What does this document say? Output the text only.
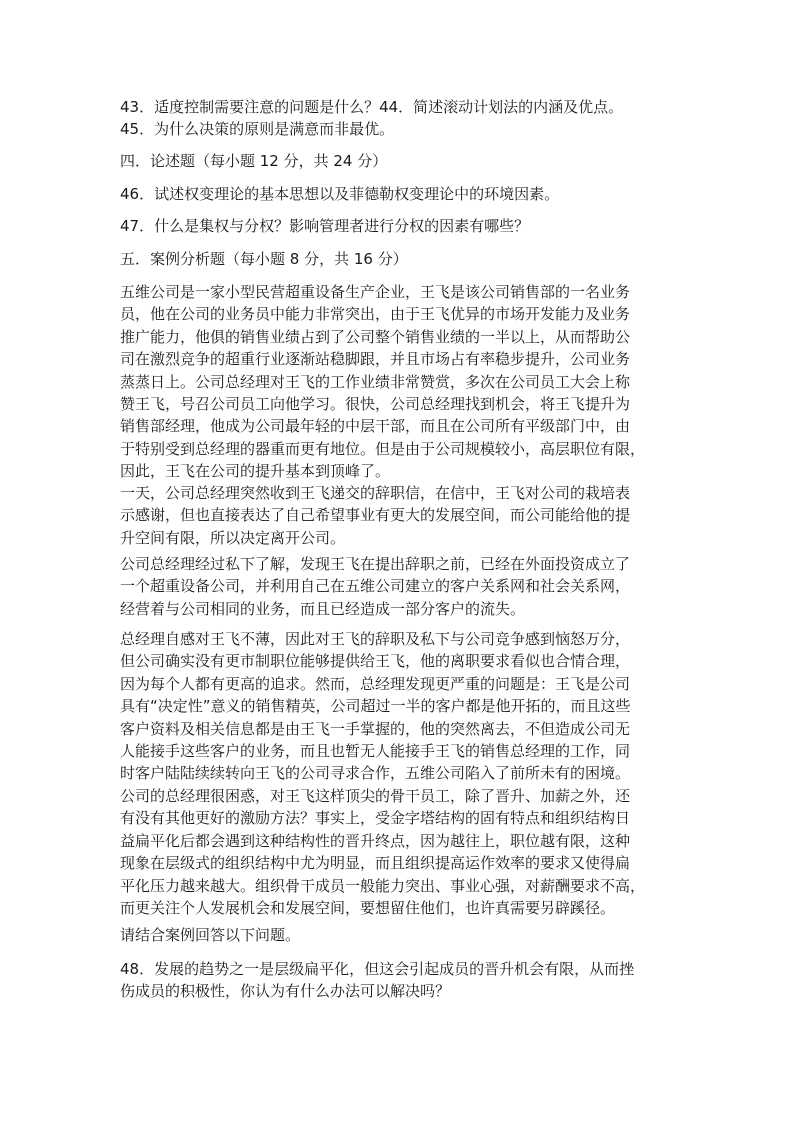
43．适度控制需要注意的问题是什么？44．简述滚动计划法的内涵及优点。
45．为什么决策的原则是满意而非最优。
四．论述题（每小题 12 分，共 24 分）
46．试述权变理论的基本思想以及菲德勒权变理论中的环境因素。
47．什么是集权与分权？影响管理者进行分权的因素有哪些？
五．案例分析题（每小题 8 分，共 16 分）
五维公司是一家小型民营超重设备生产企业，王飞是该公司销售部的一名业务
员，他在公司的业务员中能力非常突出，由于王飞优异的市场开发能力及业务
推广能力，他俱的销售业绩占到了公司整个销售业绩的一半以上，从而帮助公
司在激烈竞争的超重行业逐渐站稳脚跟，并且市场占有率稳步提升，公司业务
蒸蒸日上。公司总经理对王飞的工作业绩非常赞赏，多次在公司员工大会上称
赞王飞，号召公司员工向他学习。很快，公司总经理找到机会，将王飞提升为
销售部经理，他成为公司最年轻的中层干部，而且在公司所有平级部门中，由
于特别受到总经理的器重而更有地位。但是由于公司规模较小，高层职位有限，
因此，王飞在公司的提升基本到顶峰了。
一天，公司总经理突然收到王飞递交的辞职信，在信中，王飞对公司的栽培表
示感谢，但也直接表达了自己希望事业有更大的发展空间，而公司能给他的提
升空间有限，所以决定离开公司。
公司总经理经过私下了解，发现王飞在提出辞职之前，已经在外面投资成立了
一个超重设备公司，并利用自己在五维公司建立的客户关系网和社会关系网，
经营着与公司相同的业务，而且已经造成一部分客户的流失。
总经理自感对王飞不薄，因此对王飞的辞职及私下与公司竞争感到恼怒万分，
但公司确实没有更市制职位能够提供给王飞，他的离职要求看似也合情合理，
因为每个人都有更高的追求。然而，总经理发现更严重的问题是：王飞是公司
具有“决定性”意义的销售精英，公司超过一半的客户都是他开拓的，而且这些
客户资料及相关信息都是由王飞一手掌握的，他的突然离去，不但造成公司无
人能接手这些客户的业务，而且也暂无人能接手王飞的销售总经理的工作，同
时客户陆陆续续转向王飞的公司寻求合作，五维公司陷入了前所未有的困境。
公司的总经理很困惑，对王飞这样顶尖的骨干员工，除了晋升、加薪之外，还
有没有其他更好的激励方法？事实上，受金字塔结构的固有特点和组织结构日
益扁平化后都会遇到这种结构性的晋升终点，因为越往上，职位越有限，这种
现象在层级式的组织结构中尤为明显，而且组织提高运作效率的要求又使得扁
平化压力越来越大。组织骨干成员一般能力突出、事业心强，对薪酬要求不高，
而更关注个人发展机会和发展空间，要想留住他们，也许真需要另辟蹊径。
请结合案例回答以下问题。
48．发展的趋势之一是层级扁平化，但这会引起成员的晋升机会有限，从而挫
伤成员的积极性，你认为有什么办法可以解决吗？
